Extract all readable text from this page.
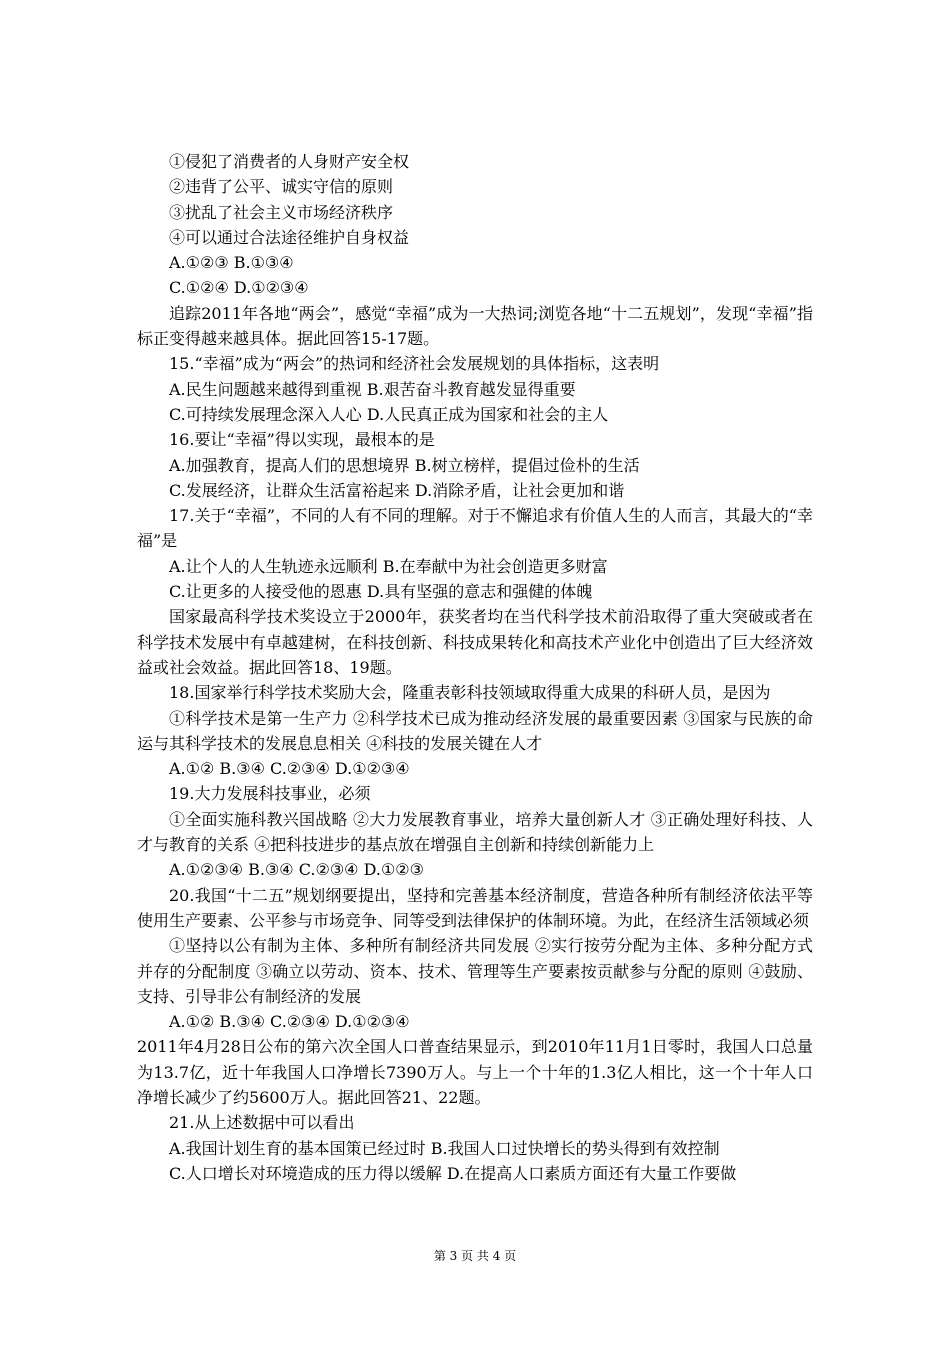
①侵犯了消费者的人身财产安全权

②违背了公平、诚实守信的原则

③扰乱了社会主义市场经济秩序

④可以通过合法途径维护自身权益

A.①②③ B.①③④

C.①②④ D.①②③④

追踪2011年各地“两会”，感觉“幸福”成为一大热词;浏览各地“十二五规划”，发现“幸福”指标正变得越来越具体。据此回答15-17题。

15.“幸福”成为“两会”的热词和经济社会发展规划的具体指标，这表明

A.民生问题越来越得到重视 B.艰苦奋斗教育越发显得重要

C.可持续发展理念深入人心 D.人民真正成为国家和社会的主人

16.要让“幸福”得以实现，最根本的是

A.加强教育，提高人们的思想境界 B.树立榜样，提倡过俭朴的生活

C.发展经济，让群众生活富裕起来 D.消除矛盾，让社会更加和谐

17.关于“幸福”，不同的人有不同的理解。对于不懈追求有价值人生的人而言，其最大的“幸福”是

A.让个人的人生轨迹永远顺利 B.在奉献中为社会创造更多财富

C.让更多的人接受他的恩惠 D.具有坚强的意志和强健的体魄

国家最高科学技术奖设立于2000年，获奖者均在当代科学技术前沿取得了重大突破或者在科学技术发展中有卓越建树，在科技创新、科技成果转化和高技术产业化中创造出了巨大经济效益或社会效益。据此回答18、19题。

18.国家举行科学技术奖励大会，隆重表彰科技领域取得重大成果的科研人员，是因为

①科学技术是第一生产力 ②科学技术已成为推动经济发展的最重要因素 ③国家与民族的命运与其科学技术的发展息息相关 ④科技的发展关键在人才

A.①② B.③④ C.②③④ D.①②③④

19.大力发展科技事业，必须

①全面实施科教兴国战略 ②大力发展教育事业，培养大量创新人才 ③正确处理好科技、人才与教育的关系 ④把科技进步的基点放在增强自主创新和持续创新能力上

A.①②③④ B.③④ C.②③④ D.①②③

20.我国“十二五”规划纲要提出，坚持和完善基本经济制度，营造各种所有制经济依法平等使用生产要素、公平参与市场竞争、同等受到法律保护的体制环境。为此，在经济生活领域必须

①坚持以公有制为主体、多种所有制经济共同发展 ②实行按劳分配为主体、多种分配方式并存的分配制度 ③确立以劳动、资本、技术、管理等生产要素按贡献参与分配的原则 ④鼓励、支持、引导非公有制经济的发展

A.①② B.③④ C.②③④ D.①②③④

2011年4月28日公布的第六次全国人口普查结果显示，到2010年11月1日零时，我国人口总量为13.7亿，近十年我国人口净增长7390万人。与上一个十年的1.3亿人相比，这一个十年人口净增长减少了约5600万人。据此回答21、22题。

21.从上述数据中可以看出

A.我国计划生育的基本国策已经过时 B.我国人口过快增长的势头得到有效控制

C.人口增长对环境造成的压力得以缓解 D.在提高人口素质方面还有大量工作要做

第 3 页 共 4 页
